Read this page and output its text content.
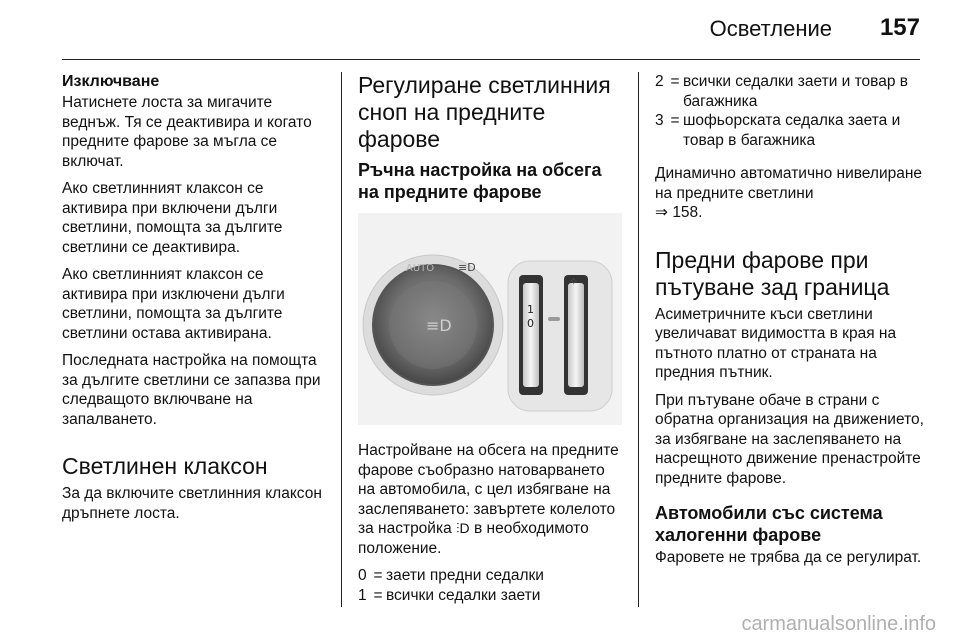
Осветление 157
Изключване

Натиснете лоста за мигачите веднъж. Тя се деактивира и когато предните фарове за мъгла се включат.

Ако светлинният клаксон се активира при включени дълги светлини, помощта за дългите светлини се деактивира.

Ако светлинният клаксон се активира при изключени дълги светлини, помощта за дългите светлини остава активирана.

Последната настройка на помощта за дългите светлини се запазва при следващото включване на запалването.

Светлинен клаксон

За да включите светлинния клаксон дръпнете лоста.

Регулиране светлинния сноп на предните фарове
Ръчна настройка на обсега на предните фарове
≡D
AUTO ≡D
⫶D
1
0
✧

Настройване на обсега на предните фарове съобразно натоварването на автомобила, с цел избягване на заслепяването: завъртете колелото за настройка ⫶D в необходимото положение.

0 = заети предни седалки
1 = всички седалки заети
2 = всички седалки заети и товар в багажника
3 = шофьорската седалка заета и товар в багажника

Динамично автоматично нивелиране на предните светлини
⇒ 158.

Предни фарове при пътуване зад граница

Асиметричните къси светлини увеличават видимостта в края на пътното платно от страната на предния пътник.

При пътуване обаче в страни с обратна организация на движението, за избягване на заслепяването на насрещното движение пренастройте предните фарове.

Автомобили със система халогенни фарове

Фаровете не трябва да се регулират.

carmanualsonline.info
